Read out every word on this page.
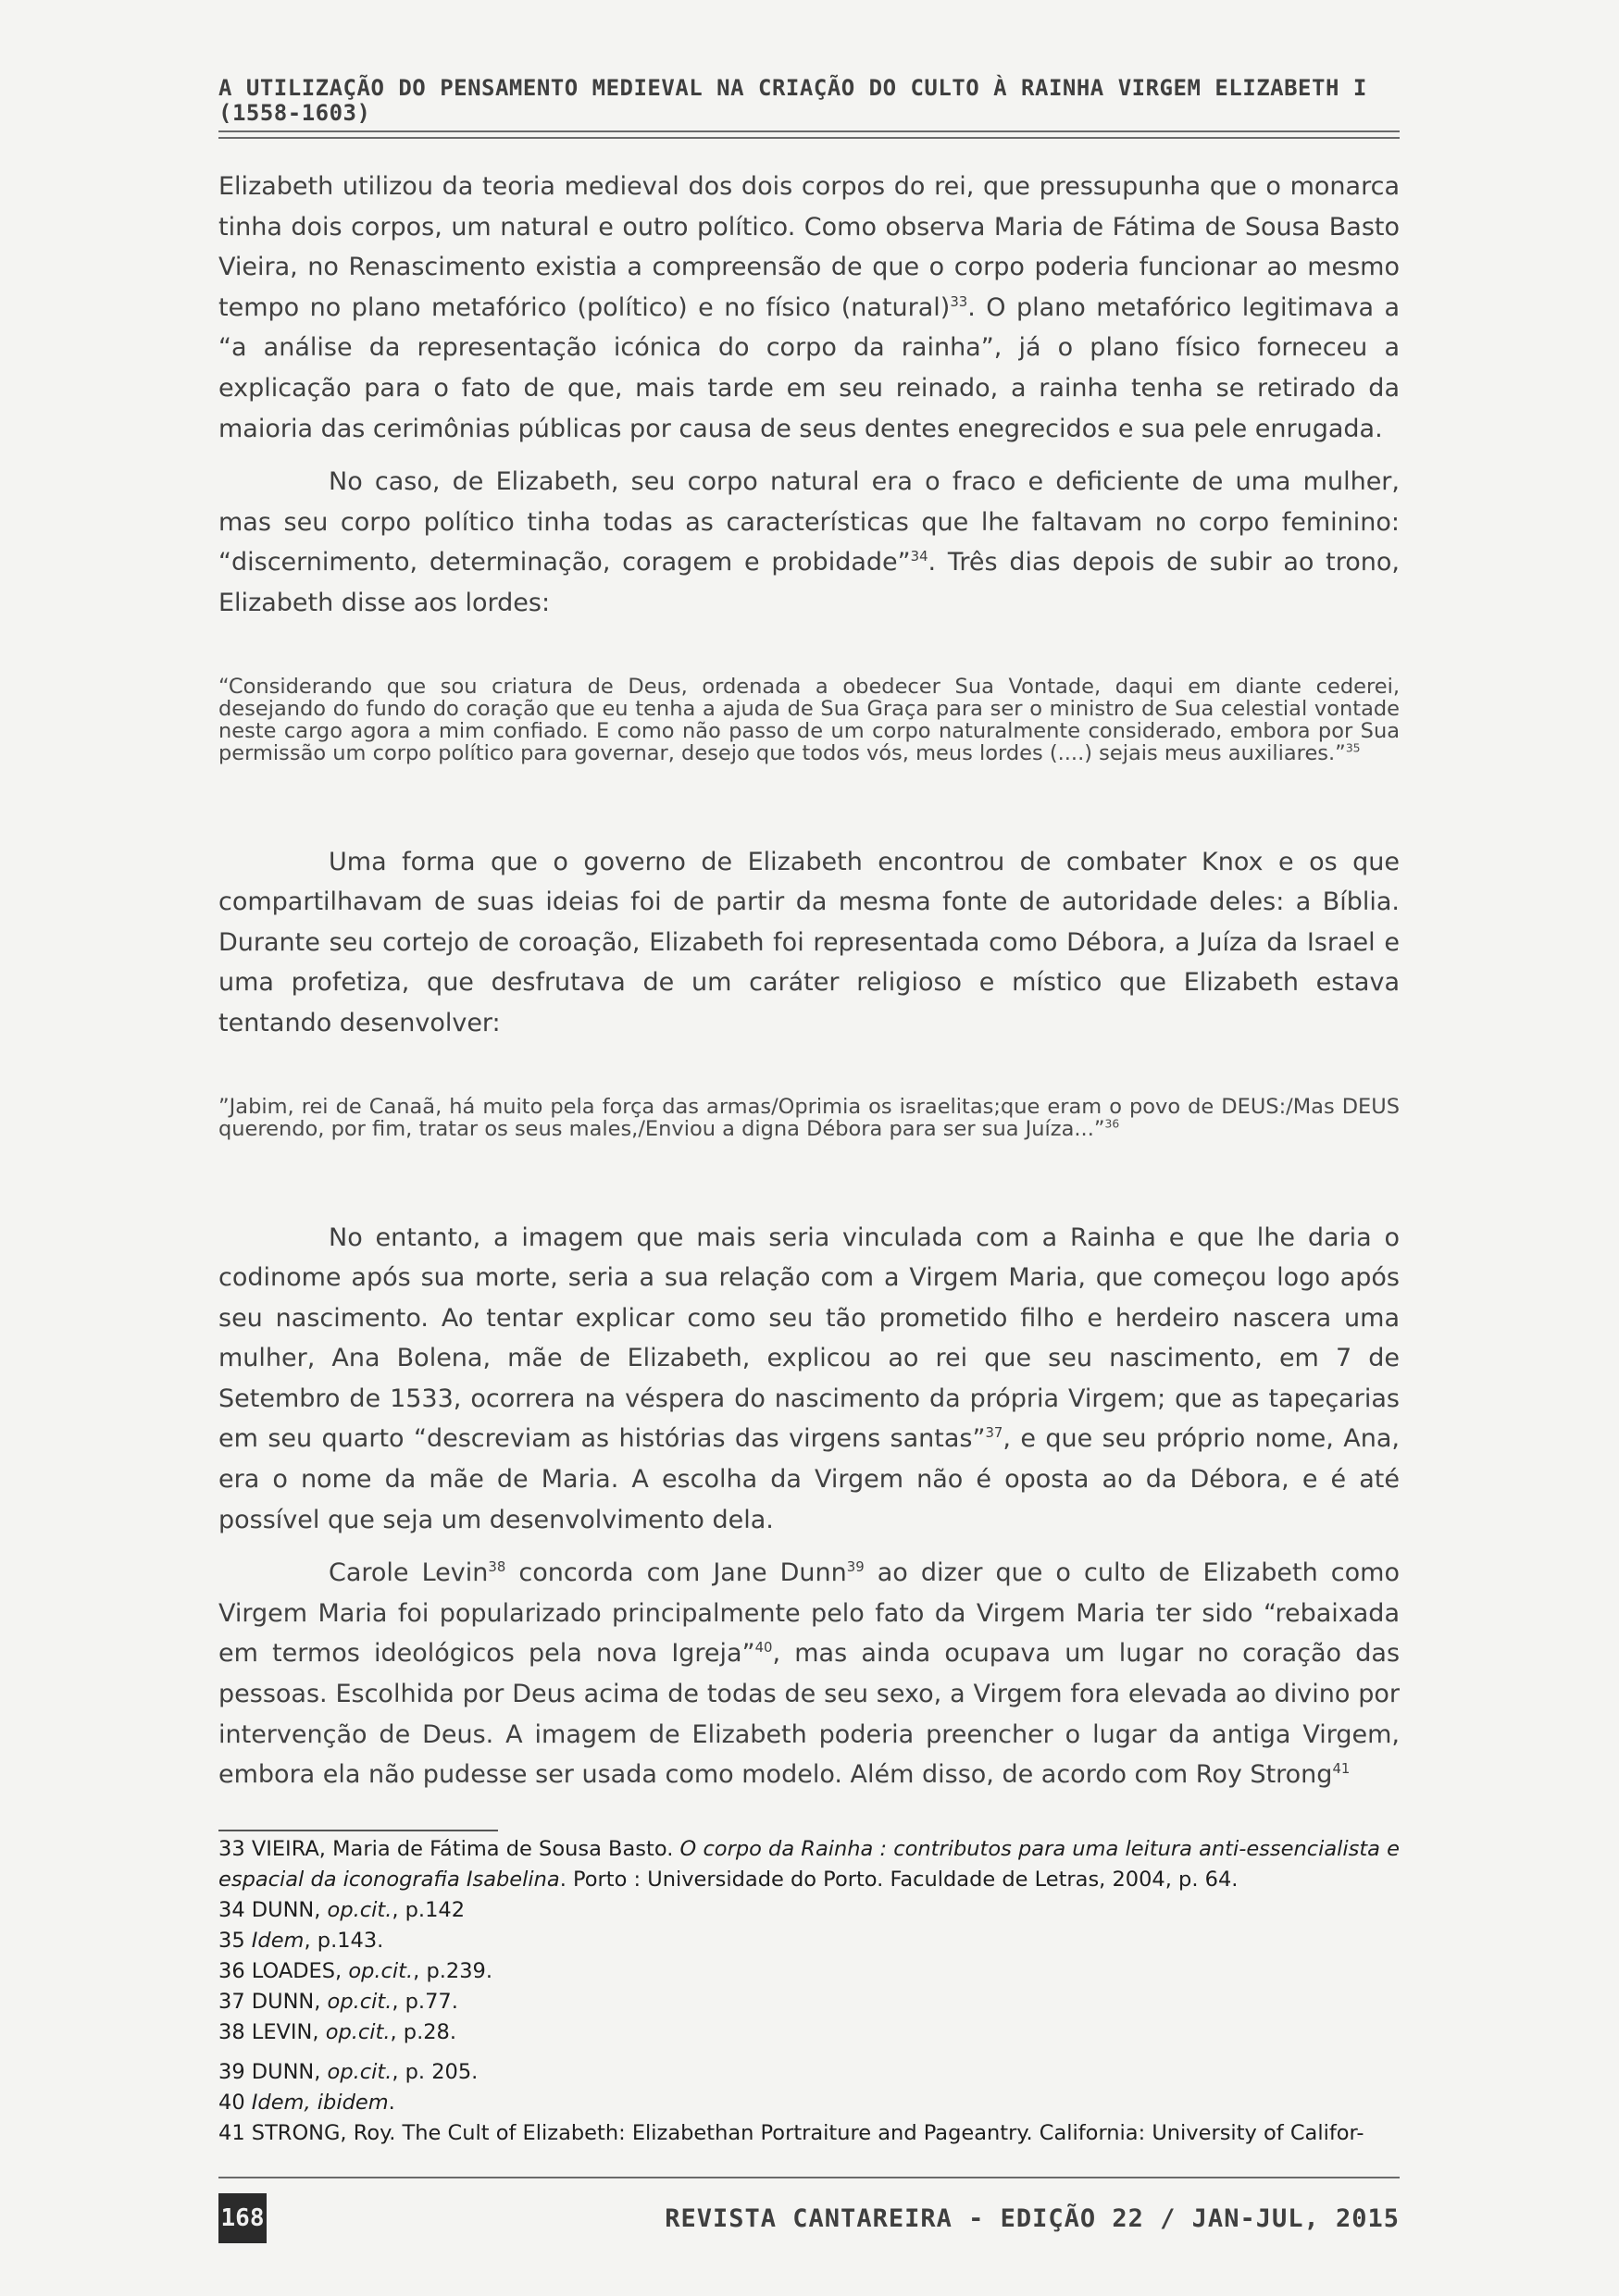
A UTILIZAÇÃO DO PENSAMENTO MEDIEVAL NA CRIAÇÃO DO CULTO À RAINHA VIRGEM ELIZABETH I (1558-1603)

Elizabeth utilizou da teoria medieval dos dois corpos do rei, que pressupunha que o monarca tinha dois corpos, um natural e outro político. Como observa Maria de Fátima de Sousa Basto Vieira, no Renascimento existia a compreensão de que o corpo poderia funcionar ao mesmo tempo no plano metafórico (político) e no físico (natural)$^{33}$. O plano metafórico legitimava a “a análise da representação icónica do corpo da rainha”, já o plano físico forneceu a explicação para o fato de que, mais tarde em seu reinado, a rainha tenha se retirado da maioria das cerimônias públicas por causa de seus dentes enegrecidos e sua pele enrugada.

No caso, de Elizabeth, seu corpo natural era o fraco e deficiente de uma mulher, mas seu corpo político tinha todas as características que lhe faltavam no corpo feminino: “discernimento, determinação, coragem e probidade”$^{34}$. Três dias depois de subir ao trono, Elizabeth disse aos lordes:

“Considerando que sou criatura de Deus, ordenada a obedecer Sua Vontade, daqui em diante cederei, desejando do fundo do coração que eu tenha a ajuda de Sua Graça para ser o ministro de Sua celestial vontade neste cargo agora a mim confiado. E como não passo de um corpo naturalmente considerado, embora por Sua permissão um corpo político para governar, desejo que todos vós, meus lordes (....) sejais meus auxiliares.”$^{35}$

Uma forma que o governo de Elizabeth encontrou de combater Knox e os que compartilhavam de suas ideias foi de partir da mesma fonte de autoridade deles: a Bíblia. Durante seu cortejo de coroação, Elizabeth foi representada como Débora, a Juíza da Israel e uma profetiza, que desfrutava de um caráter religioso e místico que Elizabeth estava tentando desenvolver:

”Jabim, rei de Canaã, há muito pela força das armas/Oprimia os israelitas;que eram o povo de DEUS:/Mas DEUS querendo, por fim, tratar os seus males,/Enviou a digna Débora para ser sua Juíza...”$^{36}$

No entanto, a imagem que mais seria vinculada com a Rainha e que lhe daria o codinome após sua morte, seria a sua relação com a Virgem Maria, que começou logo após seu nascimento. Ao tentar explicar como seu tão prometido filho e herdeiro nascera uma mulher, Ana Bolena, mãe de Elizabeth, explicou ao rei que seu nascimento, em 7 de Setembro de 1533, ocorrera na véspera do nascimento da própria Virgem; que as tapeçarias em seu quarto “descreviam as histórias das virgens santas”$^{37}$, e que seu próprio nome, Ana, era o nome da mãe de Maria. A escolha da Virgem não é oposta ao da Débora, e é até possível que seja um desenvolvimento dela.

Carole Levin$^{38}$ concorda com Jane Dunn$^{39}$ ao dizer que o culto de Elizabeth como Virgem Maria foi popularizado principalmente pelo fato da Virgem Maria ter sido “rebaixada em termos ideológicos pela nova Igreja”$^{40}$, mas ainda ocupava um lugar no coração das pessoas. Escolhida por Deus acima de todas de seu sexo, a Virgem fora elevada ao divino por intervenção de Deus. A imagem de Elizabeth poderia preencher o lugar da antiga Virgem, embora ela não pudesse ser usada como modelo. Além disso, de acordo com Roy Strong$^{41}$

33 VIEIRA, Maria de Fátima de Sousa Basto. O corpo da Rainha : contributos para uma leitura anti-essencialista e espacial da iconografia Isabelina. Porto : Universidade do Porto. Faculdade de Letras, 2004, p. 64.

34 DUNN, op.cit., p.142

35 Idem, p.143.

36 LOADES, op.cit., p.239.

37 DUNN, op.cit., p.77.

38 LEVIN, op.cit., p.28.

39 DUNN, op.cit., p. 205.

40 Idem, ibidem.

41 STRONG, Roy. The Cult of Elizabeth: Elizabethan Portraiture and Pageantry. California: University of Califor-

168	REVISTA CANTAREIRA - EDIÇÃO 22 / JAN-JUL, 2015
